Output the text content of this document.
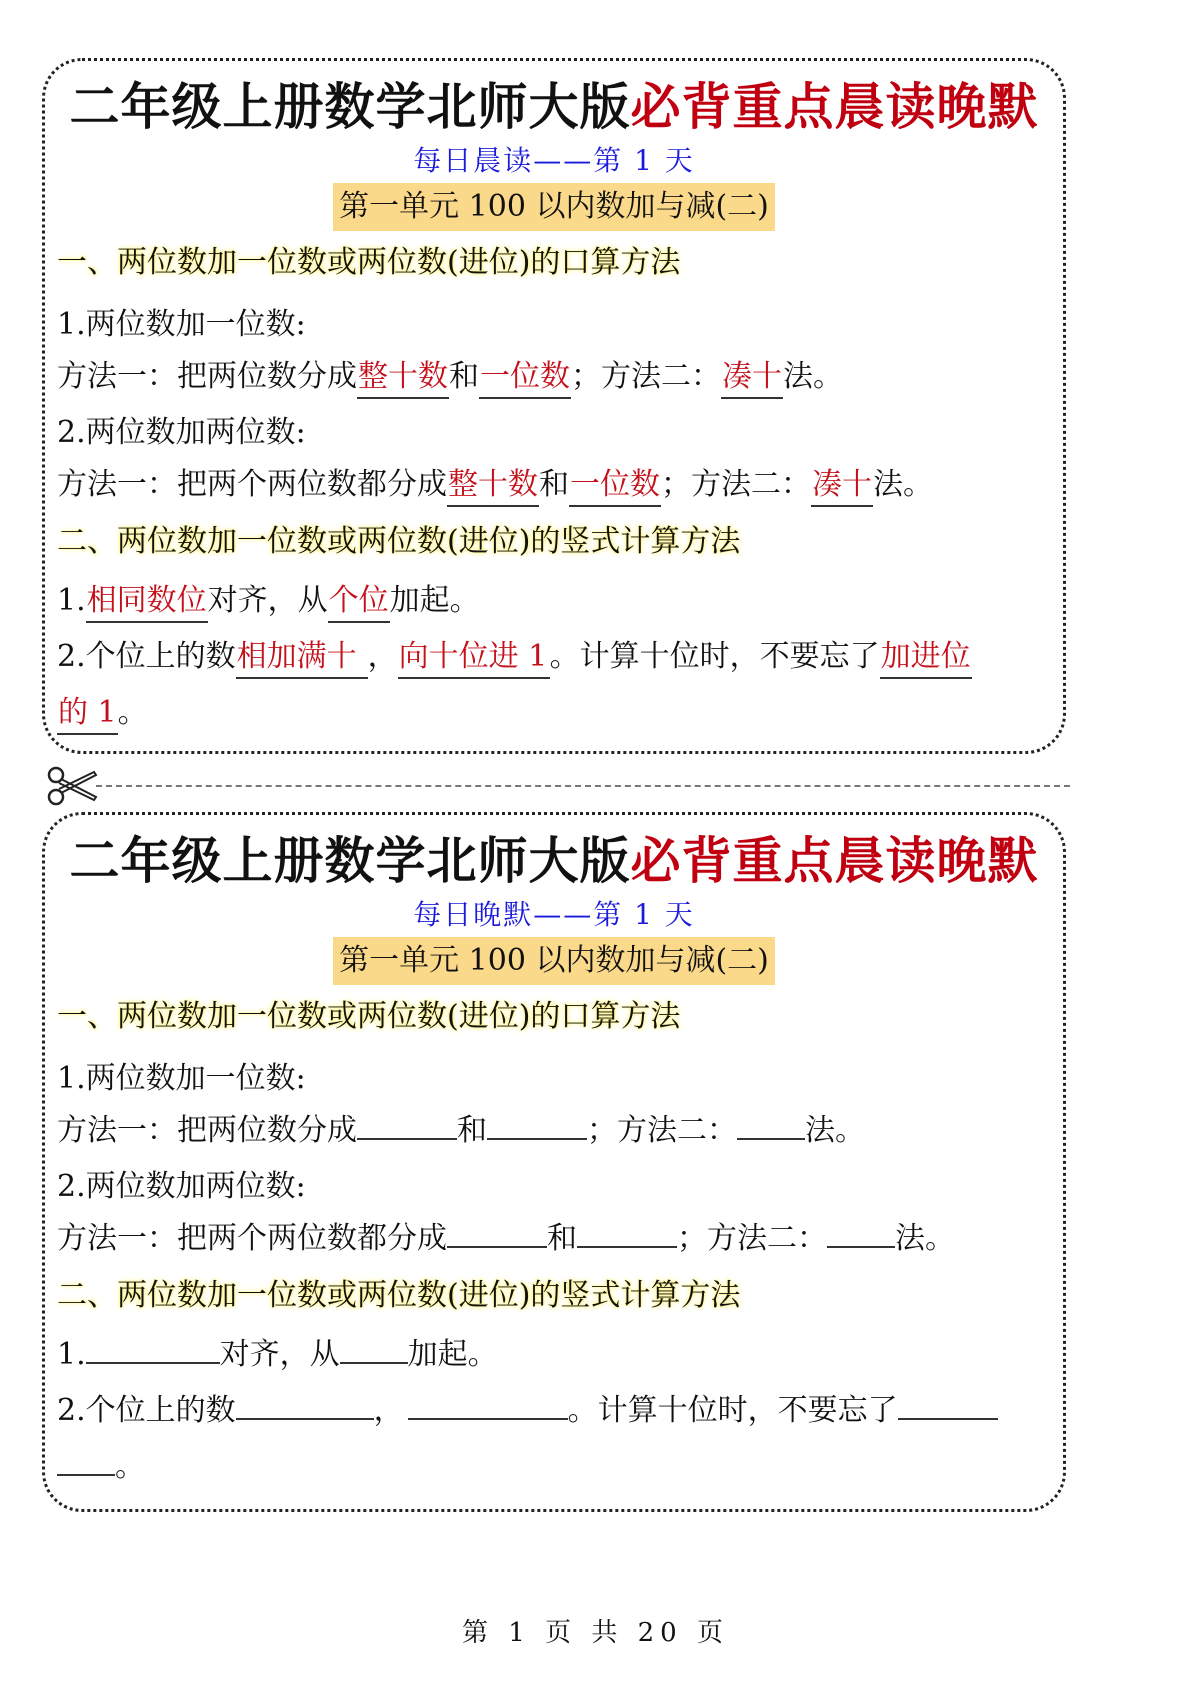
二年级上册数学北师大版必背重点晨读晚默
每日晨读——第 1 天
第一单元 100 以内数加与减(二)
一、两位数加一位数或两位数(进位)的口算方法
1.两位数加一位数:
方法一：把两位数分成整十数和一位数；方法二：凑十法。
2.两位数加两位数:
方法一：把两个两位数都分成整十数和一位数；方法二：凑十法。
二、两位数加一位数或两位数(进位)的竖式计算方法
1.相同数位对齐，从个位加起。
2.个位上的数相加满十 ，向十位进 1。计算十位时，不要忘了加进位
的 1。
二年级上册数学北师大版必背重点晨读晚默
每日晚默——第 1 天
第一单元 100 以内数加与减(二)
一、两位数加一位数或两位数(进位)的口算方法
1.两位数加一位数:
方法一：把两位数分成	和	；方法二： 法。
2.两位数加两位数:
方法一：把两个两位数都分成	和	；方法二： 法。
二、两位数加一位数或两位数(进位)的竖式计算方法
1.	对齐，从 加起。
2.个位上的数	，	。计算十位时，不要忘了
。
第 1 页 共 20 页
